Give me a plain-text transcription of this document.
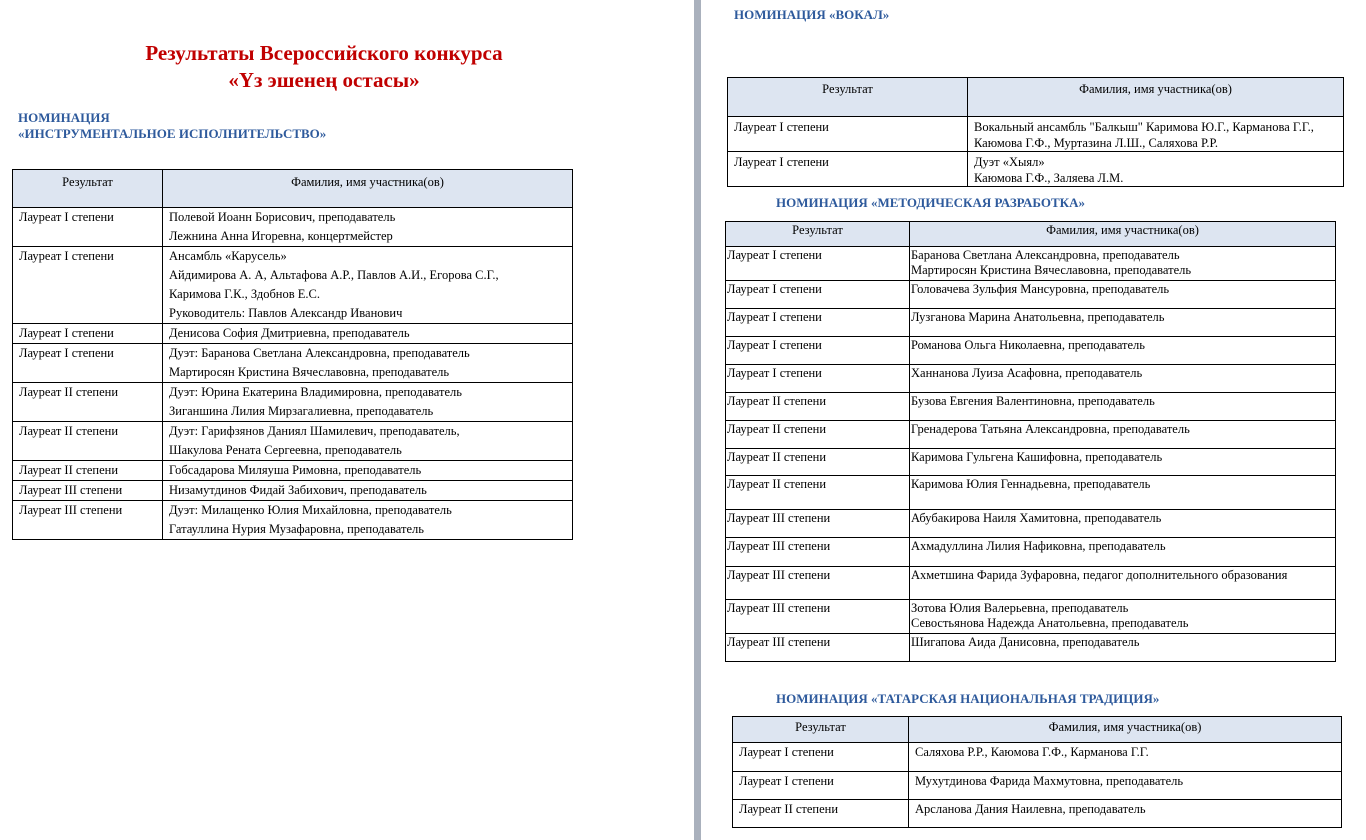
Результаты Всероссийского конкурса
«Үз эшенең остасы»
НОМИНАЦИЯ
«ИНСТРУМЕНТАЛЬНОЕ ИСПОЛНИТЕЛЬСТВО»
Результат	Фамилия, имя участника(ов)
Лауреат I степени	Полевой Иоанн Борисович, преподаватель
Лежнина Анна Игоревна, концертмейстер

Лауреат I степени	Ансамбль «Карусель»
Айдимирова А. А, Альтафова А.Р., Павлов А.И., Егорова С.Г.,
Каримова Г.К., Здобнов Е.С.
Руководитель: Павлов Александр Иванович

Лауреат I степени	Денисова София Дмитриевна, преподаватель

Лауреат I степени	Дуэт: Баранова Светлана Александровна, преподаватель
Мартиросян Кристина Вячеславовна, преподаватель

Лауреат II степени	Дуэт: Юрина Екатерина Владимировна, преподаватель
Зиганшина Лилия Мирзагалиевна, преподаватель

Лауреат II степени	Дуэт: Гарифзянов Даниял Шамилевич, преподаватель,
Шакулова Рената Сергеевна, преподаватель

Лауреат II степени	Гобсадарова Миляуша Римовна, преподаватель

Лауреат III степени	Низамутдинов Фидай Забихович, преподаватель

Лауреат III степени	Дуэт: Милащенко Юлия Михайловна, преподаватель
Гатауллина Нурия Музафаровна, преподаватель
НОМИНАЦИЯ «ВОКАЛ»
Результат	Фамилия, имя участника(ов)
Лауреат I степени	Вокальный ансамбль "Балкыш" Каримова Ю.Г., Карманова Г.Г., Каюмова Г.Ф., Муртазина Л.Ш., Саляхова Р.Р.

Лауреат I степени	Дуэт «Хыял»
Каюмова Г.Ф., Заляева Л.М.
НОМИНАЦИЯ «МЕТОДИЧЕСКАЯ РАЗРАБОТКА»
Результат	Фамилия, имя участника(ов)
Лауреат I степени	Баранова Светлана Александровна, преподаватель
Мартиросян Кристина Вячеславовна, преподаватель

Лауреат I степени	Головачева Зульфия Мансуровна, преподаватель

Лауреат I степени	Лузганова Марина Анатольевна, преподаватель

Лауреат I степени	Романова Ольга Николаевна, преподаватель

Лауреат I степени	Ханнанова Луиза Асафовна, преподаватель

Лауреат II степени	Бузова Евгения Валентиновна, преподаватель

Лауреат II степени	Гренадерова Татьяна Александровна, преподаватель

Лауреат II степени	Каримова Гульгена Кашифовна, преподаватель

Лауреат II степени	Каримова Юлия Геннадьевна, преподаватель

Лауреат III степени	Абубакирова Наиля Хамитовна, преподаватель

Лауреат III степени	Ахмадуллина Лилия Нафиковна, преподаватель

Лауреат III степени	Ахметшина Фарида Зуфаровна, педагог дополнительного образования

Лауреат III степени	Зотова Юлия Валерьевна, преподаватель
Севостьянова Надежда Анатольевна, преподаватель

Лауреат III степени	Шигапова Аида Данисовна, преподаватель
НОМИНАЦИЯ «ТАТАРСКАЯ НАЦИОНАЛЬНАЯ ТРАДИЦИЯ»
Результат	Фамилия, имя участника(ов)
Лауреат I степени	Саляхова Р.Р., Каюмова Г.Ф., Карманова Г.Г.

Лауреат I степени	Мухутдинова Фарида Махмутовна, преподаватель

Лауреат II степени	Арсланова Дания Наилевна, преподаватель
